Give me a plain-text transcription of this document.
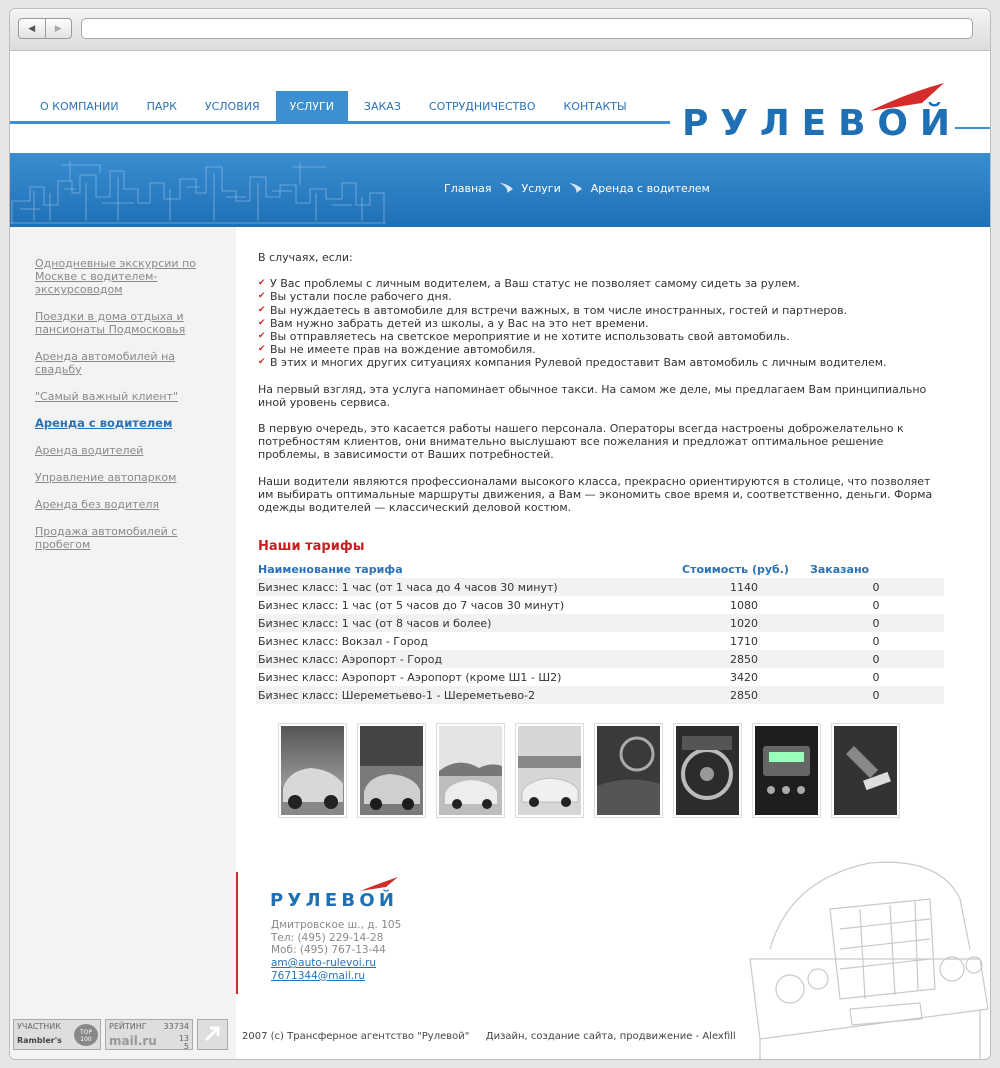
◀	▶
О КОМПАНИИ	ПАРК	УСЛОВИЯ	УСЛУГИ	ЗАКАЗ	СОТРУДНИЧЕСТВО	КОНТАКТЫ	РУЛЕВОЙ
Главная	Услуги	Аренда с водителем
Однодневные экскурсии по Москве с водителем-экскурсоводом
Поездки в дома отдыха и пансионаты Подмосковья
Аренда автомобилей на свадьбу
"Самый важный клиент"
Аренда с водителем
Аренда водителей
Управление автопарком
Аренда без водителя
Продажа автомобилей с пробегом

В случаях, если:

✔ У Вас проблемы с личным водителем, а Ваш статус не позволяет самому сидеть за рулем.
✔ Вы устали после рабочего дня.
✔ Вы нуждаетесь в автомобиле для встречи важных, в том числе иностранных, гостей и партнеров.
✔ Вам нужно забрать детей из школы, а у Вас на это нет времени.
✔ Вы отправляетесь на светское мероприятие и не хотите использовать свой автомобиль.
✔ Вы не имеете прав на вождение автомобиля.
✔ В этих и многих других ситуациях компания Рулевой предоставит Вам автомобиль с личным водителем.

На первый взгляд, эта услуга напоминает обычное такси. На самом же деле, мы предлагаем Вам принципиально иной уровень сервиса.

В первую очередь, это касается работы нашего персонала. Операторы всегда настроены доброжелательно к потребностям клиентов, они внимательно выслушают все пожелания и предложат оптимальное решение проблемы, в зависимости от Ваших потребностей.

Наши водители являются профессионалами высокого класса, прекрасно ориентируются в столице, что позволяет им выбирать оптимальные маршруты движения, а Вам — экономить свое время и, соответственно, деньги. Форма одежды водителей — классический деловой костюм.

Наши тарифы
Наименование тарифа	Стоимость (руб.)	Заказано
Бизнес класс: 1 час (от 1 часа до 4 часов 30 минут)	1140	0
Бизнес класс: 1 час (от 5 часов до 7 часов 30 минут)	1080	0
Бизнес класс: 1 час (от 8 часов и более)	1020	0
Бизнес класс: Вокзал - Город	1710	0
Бизнес класс: Аэропорт - Город	2850	0
Бизнес класс: Аэропорт - Аэропорт (кроме Ш1 - Ш2)	3420	0
Бизнес класс: Шереметьево-1 - Шереметьево-2	2850	0
РУЛЕВОЙ
Дмитровское ш., д. 105
Тел: (495) 229-14-28
Моб: (495) 767-13-44
am@auto-rulevoi.ru
7671344@mail.ru
2007 (c) Трансферное агентство "Рулевой" Дизайн, создание сайта, продвижение - Alexfill
УЧАСТНИК
Rambler's
TOP 100
РЕЙТИНГ 33734
mail.ru	13
5
